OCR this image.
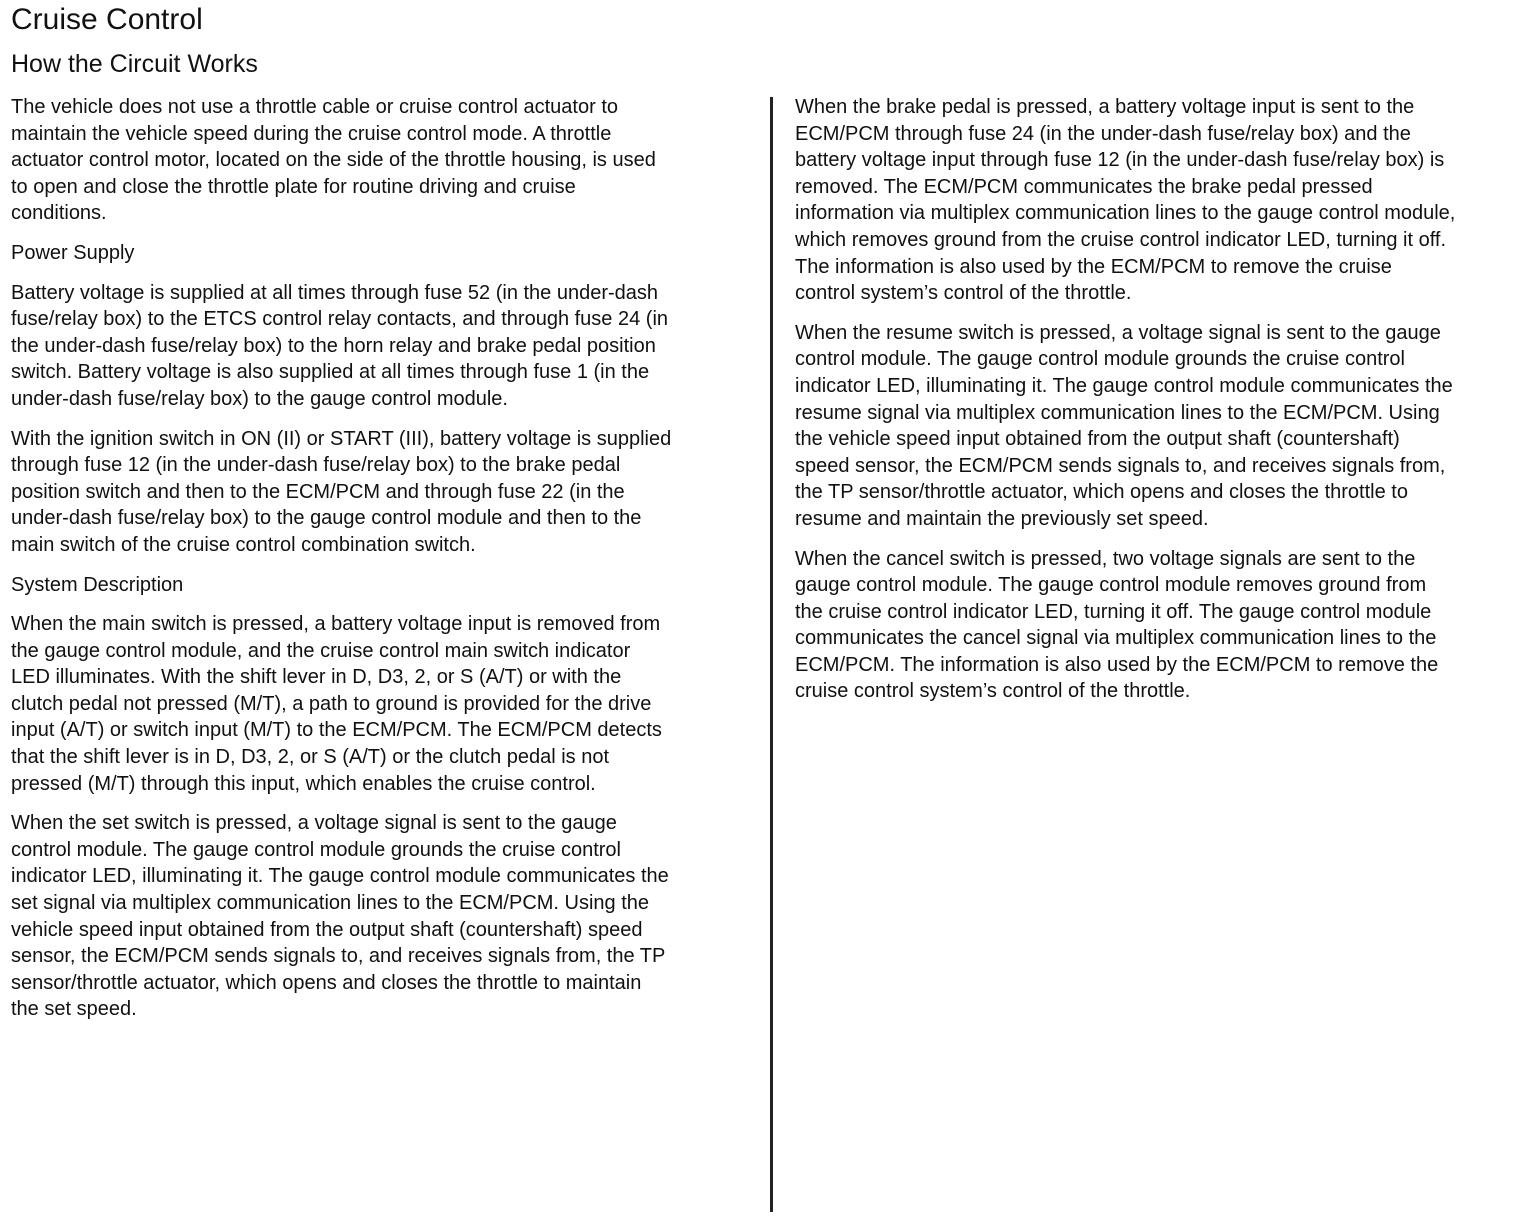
Cruise Control
How the Circuit Works
The vehicle does not use a throttle cable or cruise control actuator to
maintain the vehicle speed during the cruise control mode. A throttle
actuator control motor, located on the side of the throttle housing, is used
to open and close the throttle plate for routine driving and cruise
conditions.
Power Supply
Battery voltage is supplied at all times through fuse 52 (in the under-dash
fuse/relay box) to the ETCS control relay contacts, and through fuse 24 (in
the under-dash fuse/relay box) to the horn relay and brake pedal position
switch. Battery voltage is also supplied at all times through fuse 1 (in the
under-dash fuse/relay box) to the gauge control module.
With the ignition switch in ON (II) or START (III), battery voltage is supplied
through fuse 12 (in the under-dash fuse/relay box) to the brake pedal
position switch and then to the ECM/PCM and through fuse 22 (in the
under-dash fuse/relay box) to the gauge control module and then to the
main switch of the cruise control combination switch.
System Description
When the main switch is pressed, a battery voltage input is removed from
the gauge control module, and the cruise control main switch indicator
LED illuminates. With the shift lever in D, D3, 2, or S (A/T) or with the
clutch pedal not pressed (M/T), a path to ground is provided for the drive
input (A/T) or switch input (M/T) to the ECM/PCM. The ECM/PCM detects
that the shift lever is in D, D3, 2, or S (A/T) or the clutch pedal is not
pressed (M/T) through this input, which enables the cruise control.
When the set switch is pressed, a voltage signal is sent to the gauge
control module. The gauge control module grounds the cruise control
indicator LED, illuminating it. The gauge control module communicates the
set signal via multiplex communication lines to the ECM/PCM. Using the
vehicle speed input obtained from the output shaft (countershaft) speed
sensor, the ECM/PCM sends signals to, and receives signals from, the TP
sensor/throttle actuator, which opens and closes the throttle to maintain
the set speed.
When the brake pedal is pressed, a battery voltage input is sent to the
ECM/PCM through fuse 24 (in the under-dash fuse/relay box) and the
battery voltage input through fuse 12 (in the under-dash fuse/relay box) is
removed. The ECM/PCM communicates the brake pedal pressed
information via multiplex communication lines to the gauge control module,
which removes ground from the cruise control indicator LED, turning it off.
The information is also used by the ECM/PCM to remove the cruise
control system’s control of the throttle.
When the resume switch is pressed, a voltage signal is sent to the gauge
control module. The gauge control module grounds the cruise control
indicator LED, illuminating it. The gauge control module communicates the
resume signal via multiplex communication lines to the ECM/PCM. Using
the vehicle speed input obtained from the output shaft (countershaft)
speed sensor, the ECM/PCM sends signals to, and receives signals from,
the TP sensor/throttle actuator, which opens and closes the throttle to
resume and maintain the previously set speed.
When the cancel switch is pressed, two voltage signals are sent to the
gauge control module. The gauge control module removes ground from
the cruise control indicator LED, turning it off. The gauge control module
communicates the cancel signal via multiplex communication lines to the
ECM/PCM. The information is also used by the ECM/PCM to remove the
cruise control system’s control of the throttle.
